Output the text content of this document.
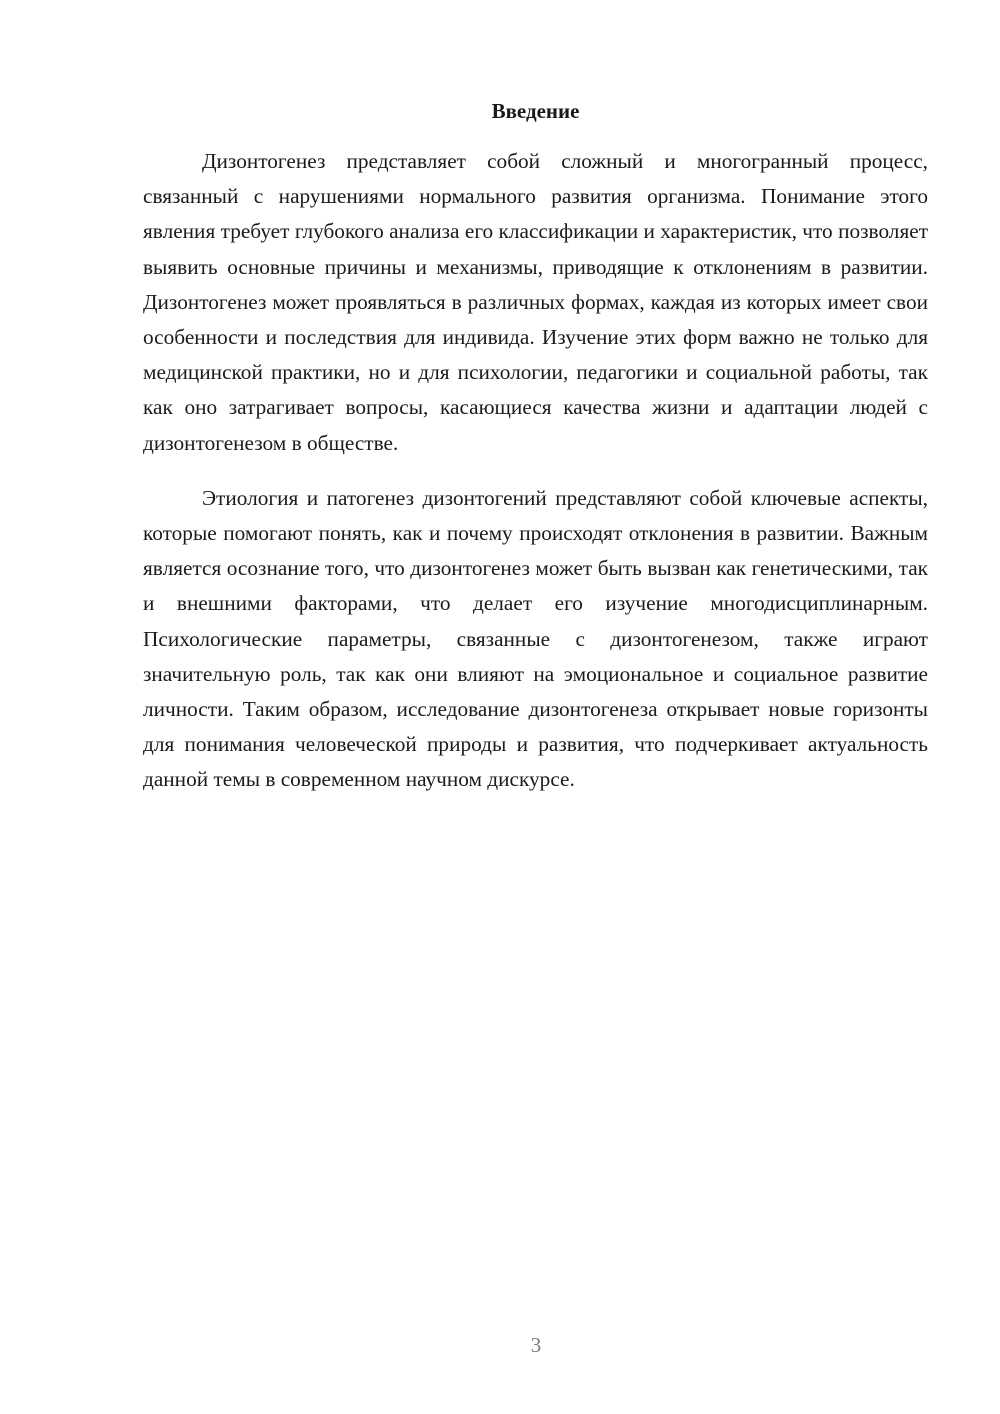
Введение

Дизонтогенез представляет собой сложный и многогранный процесс, связанный с нарушениями нормального развития организма. Понимание этого явления требует глубокого анализа его классификации и характеристик, что позволяет выявить основные причины и механизмы, приводящие к отклонениям в развитии. Дизонтогенез может проявляться в различных формах, каждая из которых имеет свои особенности и последствия для индивида. Изучение этих форм важно не только для медицинской практики, но и для психологии, педагогики и социальной работы, так как оно затрагивает вопросы, касающиеся качества жизни и адаптации людей с дизонтогенезом в обществе.

Этиология и патогенез дизонтогений представляют собой ключевые аспекты, которые помогают понять, как и почему происходят отклонения в развитии. Важным является осознание того, что дизонтогенез может быть вызван как генетическими, так и внешними факторами, что делает его изучение многодисциплинарным. Психологические параметры, связанные с дизонтогенезом, также играют значительную роль, так как они влияют на эмоциональное и социальное развитие личности. Таким образом, исследование дизонтогенеза открывает новые горизонты для понимания человеческой природы и развития, что подчеркивает актуальность данной темы в современном научном дискурсе.

3
